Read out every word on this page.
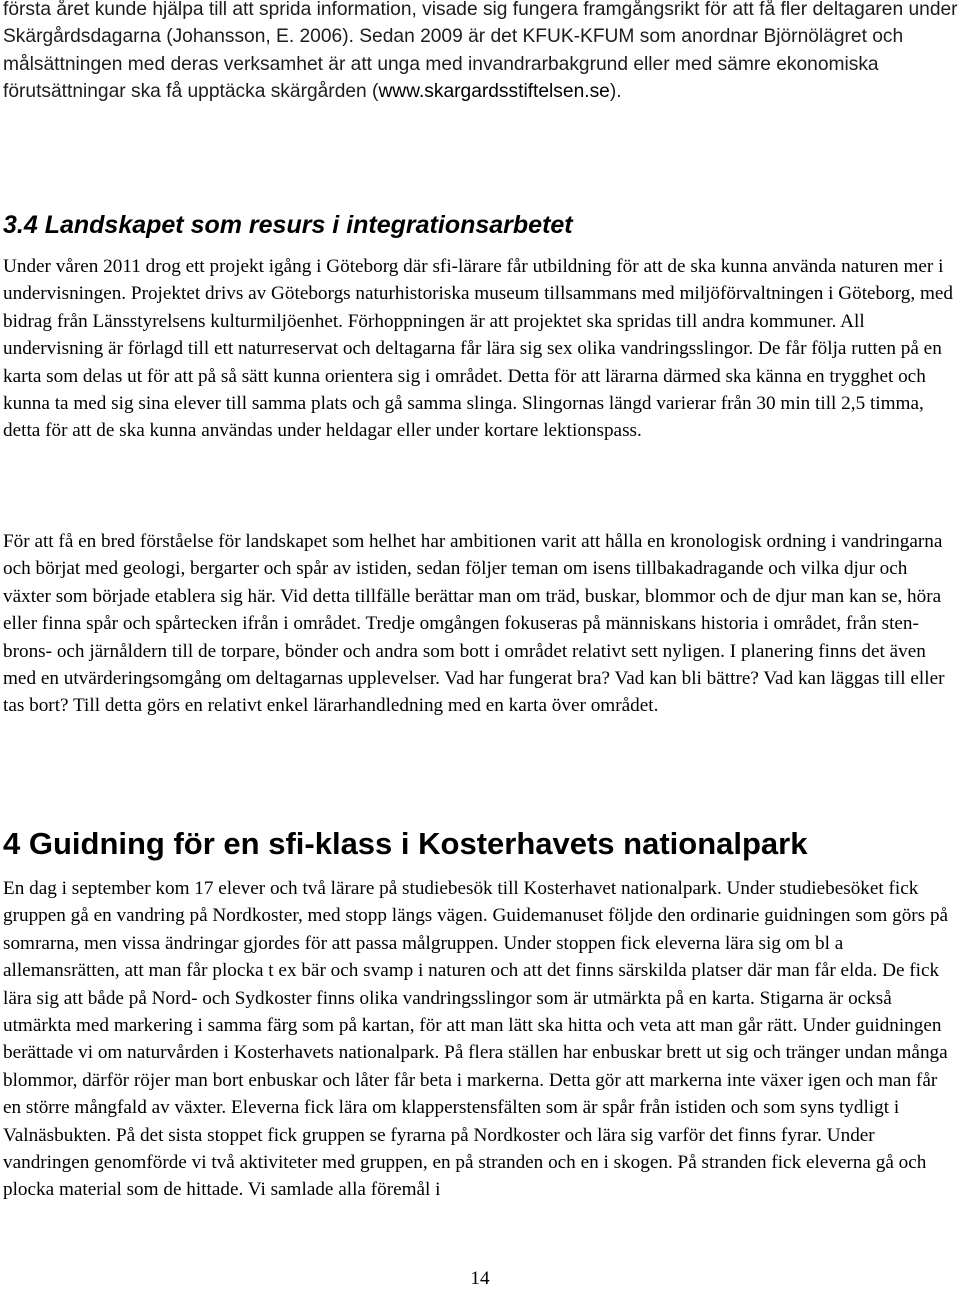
första året kunde hjälpa till att sprida information, visade sig fungera framgångsrikt för att få fler deltagaren under Skärgårdsdagarna (Johansson, E. 2006). Sedan 2009 är det KFUK-KFUM som anordnar Björnölägret och målsättningen med deras verksamhet är att unga med invandrarbakgrund eller med sämre ekonomiska förutsättningar ska få upptäcka skärgården (www.skargardsstiftelsen.se).

3.4 Landskapet som resurs i integrationsarbetet

Under våren 2011 drog ett projekt igång i Göteborg där sfi-lärare får utbildning för att de ska kunna använda naturen mer i undervisningen. Projektet drivs av Göteborgs naturhistoriska museum tillsammans med miljöförvaltningen i Göteborg, med bidrag från Länsstyrelsens kulturmiljöenhet. Förhoppningen är att projektet ska spridas till andra kommuner. All undervisning är förlagd till ett naturreservat och deltagarna får lära sig sex olika vandringsslingor. De får följa rutten på en karta som delas ut för att på så sätt kunna orientera sig i området. Detta för att lärarna därmed ska känna en trygghet och kunna ta med sig sina elever till samma plats och gå samma slinga. Slingornas längd varierar från 30 min till 2,5 timma, detta för att de ska kunna användas under heldagar eller under kortare lektionspass.

För att få en bred förståelse för landskapet som helhet har ambitionen varit att hålla en kronologisk ordning i vandringarna och börjat med geologi, bergarter och spår av istiden, sedan följer teman om isens tillbakadragande och vilka djur och växter som började etablera sig här. Vid detta tillfälle berättar man om träd, buskar, blommor och de djur man kan se, höra eller finna spår och spårtecken ifrån i området. Tredje omgången fokuseras på människans historia i området, från sten- brons- och järnåldern till de torpare, bönder och andra som bott i området relativt sett nyligen. I planering finns det även med en utvärderingsomgång om deltagarnas upplevelser. Vad har fungerat bra? Vad kan bli bättre? Vad kan läggas till eller tas bort? Till detta görs en relativt enkel lärarhandledning med en karta över området.

4 Guidning för en sfi-klass i Kosterhavets nationalpark

En dag i september kom 17 elever och två lärare på studiebesök till Kosterhavet nationalpark. Under studiebesöket fick gruppen gå en vandring på Nordkoster, med stopp längs vägen. Guidemanuset följde den ordinarie guidningen som görs på somrarna, men vissa ändringar gjordes för att passa målgruppen. Under stoppen fick eleverna lära sig om bl a allemansrätten, att man får plocka t ex bär och svamp i naturen och att det finns särskilda platser där man får elda. De fick lära sig att både på Nord- och Sydkoster finns olika vandringsslingor som är utmärkta på en karta. Stigarna är också utmärkta med markering i samma färg som på kartan, för att man lätt ska hitta och veta att man går rätt. Under guidningen berättade vi om naturvården i Kosterhavets nationalpark. På flera ställen har enbuskar brett ut sig och tränger undan många blommor, därför röjer man bort enbuskar och låter får beta i markerna. Detta gör att markerna inte växer igen och man får en större mångfald av växter. Eleverna fick lära om klapperstensfälten som är spår från istiden och som syns tydligt i Valnäsbukten. På det sista stoppet fick gruppen se fyrarna på Nordkoster och lära sig varför det finns fyrar. Under vandringen genomförde vi två aktiviteter med gruppen, en på stranden och en i skogen. På stranden fick eleverna gå och plocka material som de hittade. Vi samlade alla föremål i

14
